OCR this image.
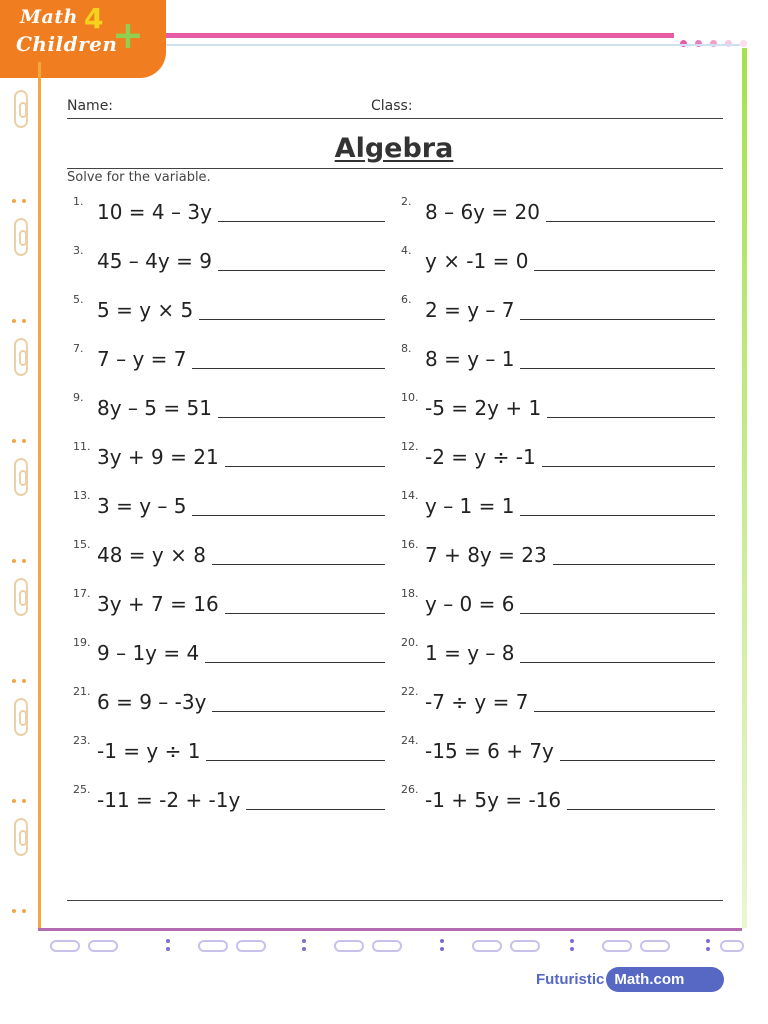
Math 4
Children
+
Name:	Class:
Algebra
Solve for the variable.
1. 10 = 4 – 3y	2. 8 – 6y = 20
3. 45 – 4y = 9	4. y × -1 = 0
5. 5 = y × 5	6. 2 = y – 7
7. 7 – y = 7	8. 8 = y – 1
9. 8y – 5 = 51	10. -5 = 2y + 1
11. 3y + 9 = 21	12. -2 = y ÷ -1
13. 3 = y – 5	14. y – 1 = 1
15. 48 = y × 8	16. 7 + 8y = 23
17. 3y + 7 = 16	18. y – 0 = 6
19. 9 – 1y = 4	20. 1 = y – 8
21. 6 = 9 – -3y	22. -7 ÷ y = 7
23. -1 = y ÷ 1	24. -15 = 6 + 7y
25. -11 = -2 + -1y	26. -1 + 5y = -16
Futuristic Math.com
